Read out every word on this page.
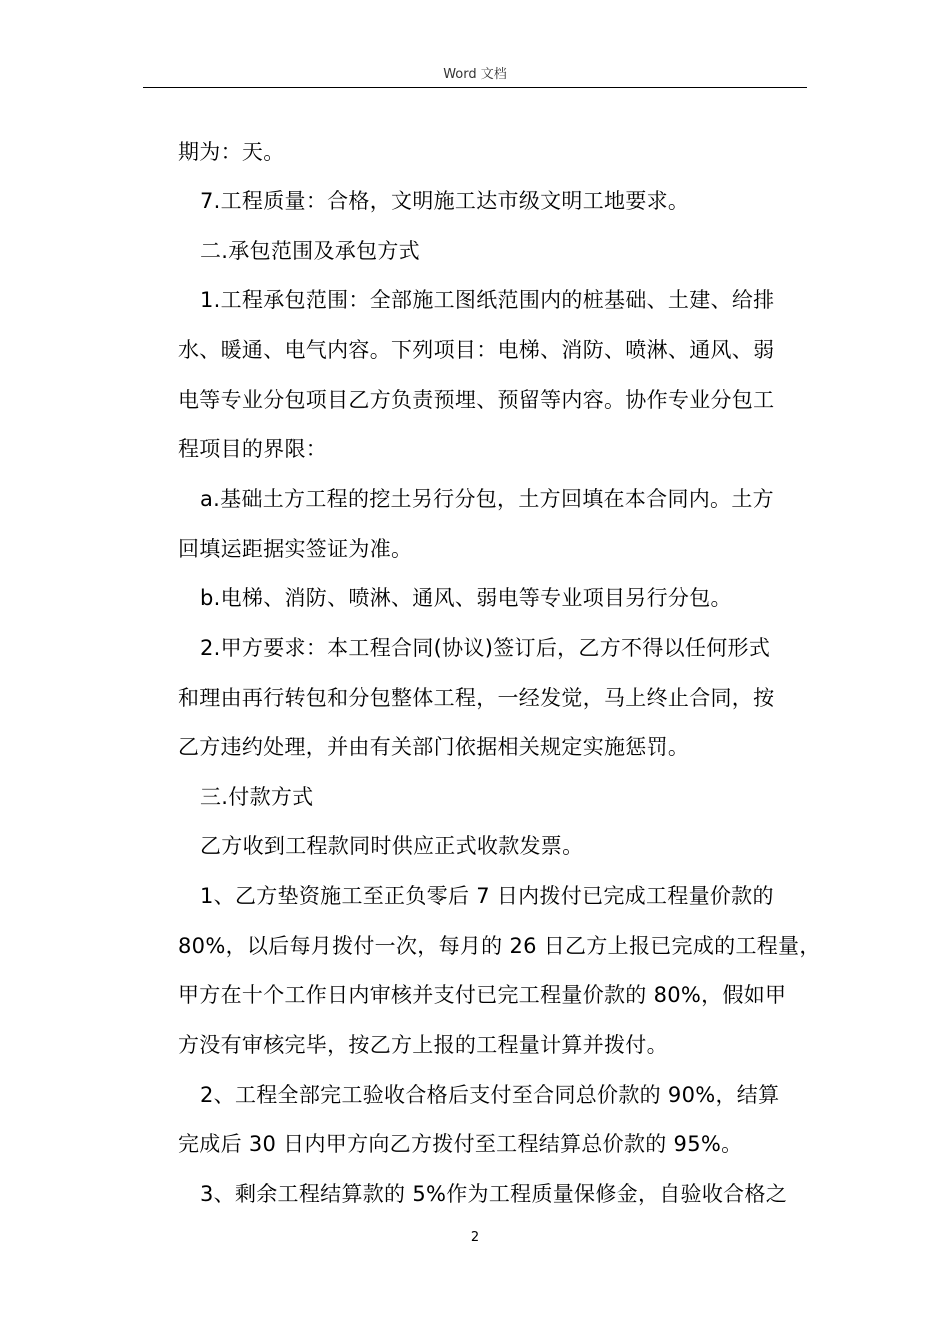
Word 文档
期为：天。
7.工程质量：合格，文明施工达市级文明工地要求。
二.承包范围及承包方式
1.工程承包范围：全部施工图纸范围内的桩基础、土建、给排
水、暖通、电气内容。下列项目：电梯、消防、喷淋、通风、弱
电等专业分包项目乙方负责预埋、预留等内容。协作专业分包工
程项目的界限：
a.基础土方工程的挖土另行分包，土方回填在本合同内。土方
回填运距据实签证为准。
b.电梯、消防、喷淋、通风、弱电等专业项目另行分包。
2.甲方要求：本工程合同(协议)签订后，乙方不得以任何形式
和理由再行转包和分包整体工程，一经发觉，马上终止合同，按
乙方违约处理，并由有关部门依据相关规定实施惩罚。
三.付款方式
乙方收到工程款同时供应正式收款发票。
1、乙方垫资施工至正负零后 7 日内拨付已完成工程量价款的
80%，以后每月拨付一次，每月的 26 日乙方上报已完成的工程量，
甲方在十个工作日内审核并支付已完工程量价款的 80%，假如甲
方没有审核完毕，按乙方上报的工程量计算并拨付。
2、工程全部完工验收合格后支付至合同总价款的 90%，结算
完成后 30 日内甲方向乙方拨付至工程结算总价款的 95%。
3、剩余工程结算款的 5%作为工程质量保修金，自验收合格之
2
